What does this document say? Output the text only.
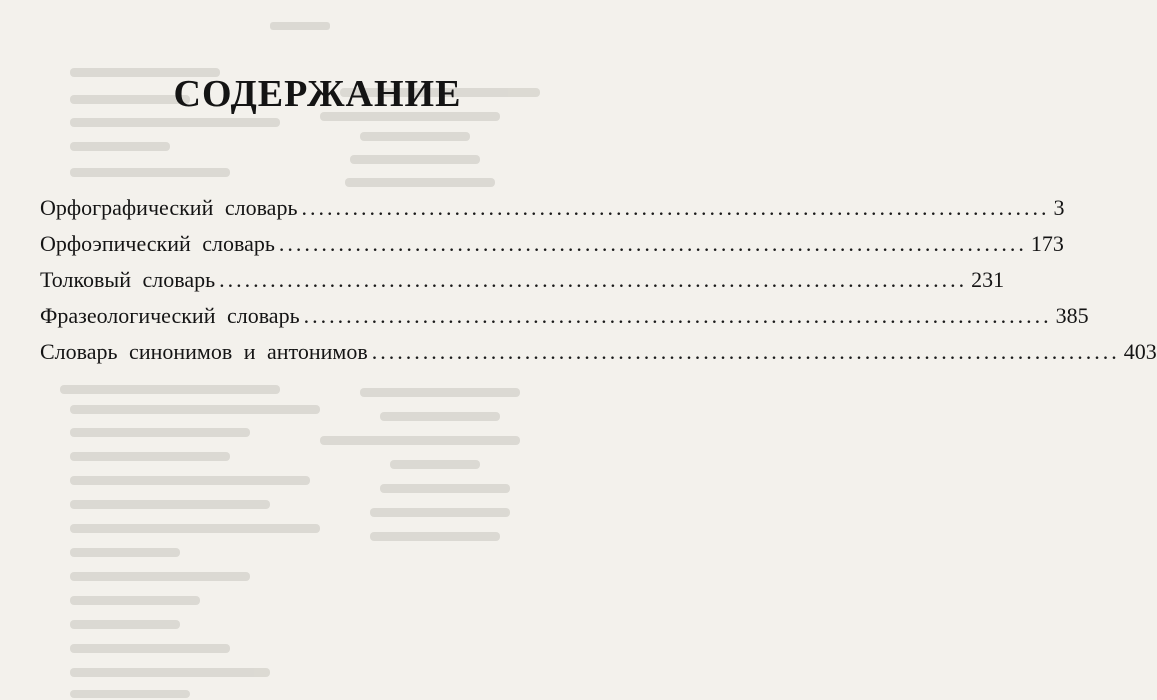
СОДЕРЖАНИЕ
Орфографический словарь ........................................................................................ 3
Орфоэпический словарь ........................................................................................ 173
Толковый словарь ........................................................................................ 231
Фразеологический словарь ........................................................................................ 385
Словарь синонимов и антонимов ........................................................................................ 403
